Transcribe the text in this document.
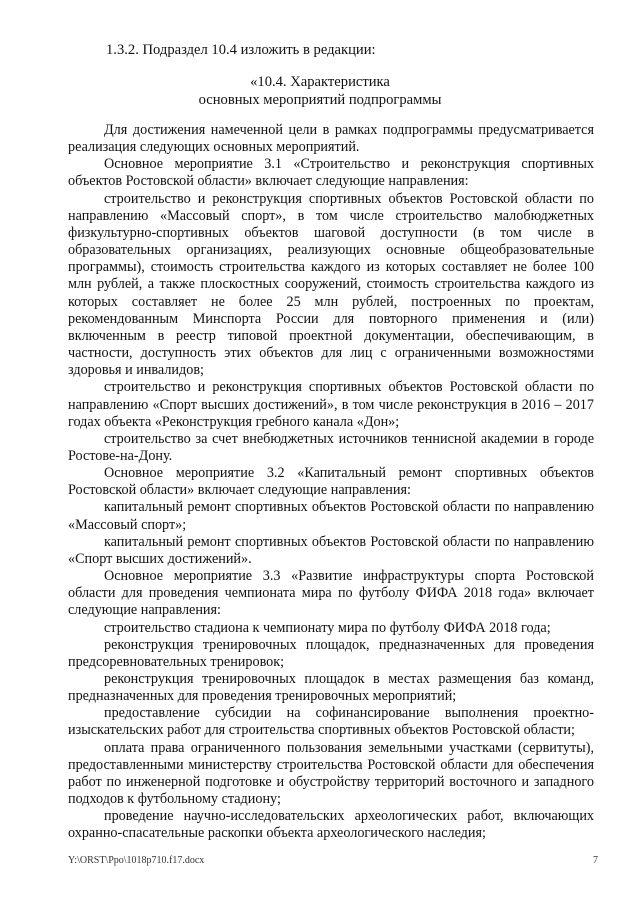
1.3.2. Подраздел 10.4 изложить в редакции:
«10.4. Характеристика
основных мероприятий подпрограммы

Для достижения намеченной цели в рамках подпрограммы предусматривается реализация следующих основных мероприятий.

Основное мероприятие 3.1 «Строительство и реконструкция спортивных объектов Ростовской области» включает следующие направления:

строительство и реконструкция спортивных объектов Ростовской области по направлению «Массовый спорт», в том числе строительство малобюджетных физкультурно-спортивных объектов шаговой доступности (в том числе в образовательных организациях, реализующих основные общеобразовательные программы), стоимость строительства каждого из которых составляет не более 100 млн рублей, а также плоскостных сооружений, стоимость строительства каждого из которых составляет не более 25 млн рублей, построенных по проектам, рекомендованным Минспорта России для повторного применения и (или) включенным в реестр типовой проектной документации, обеспечивающим, в частности, доступность этих объектов для лиц с ограниченными возможностями здоровья и инвалидов;

строительство и реконструкция спортивных объектов Ростовской области по направлению «Спорт высших достижений», в том числе реконструкция в 2016 – 2017 годах объекта «Реконструкция гребного канала «Дон»;

строительство за счет внебюджетных источников теннисной академии в городе Ростове-на-Дону.

Основное мероприятие 3.2 «Капитальный ремонт спортивных объектов Ростовской области» включает следующие направления:

капитальный ремонт спортивных объектов Ростовской области по направлению «Массовый спорт»;

капитальный ремонт спортивных объектов Ростовской области по направлению «Спорт высших достижений».

Основное мероприятие 3.3 «Развитие инфраструктуры спорта Ростовской области для проведения чемпионата мира по футболу ФИФА 2018 года» включает следующие направления:

строительство стадиона к чемпионату мира по футболу ФИФА 2018 года;

реконструкция тренировочных площадок, предназначенных для проведения предсоревновательных тренировок;

реконструкция тренировочных площадок в местах размещения баз команд, предназначенных для проведения тренировочных мероприятий;

предоставление субсидии на софинансирование выполнения проектно-изыскательских работ для строительства спортивных объектов Ростовской области;

оплата права ограниченного пользования земельными участками (сервитуты), предоставленными министерству строительства Ростовской области для обеспечения работ по инженерной подготовке и обустройству территорий восточного и западного подходов к футбольному стадиону;

проведение научно-исследовательских археологических работ, включающих охранно-спасательные раскопки объекта археологического наследия;

Y:\ORST\Ppo\1018p710.f17.docx	7
